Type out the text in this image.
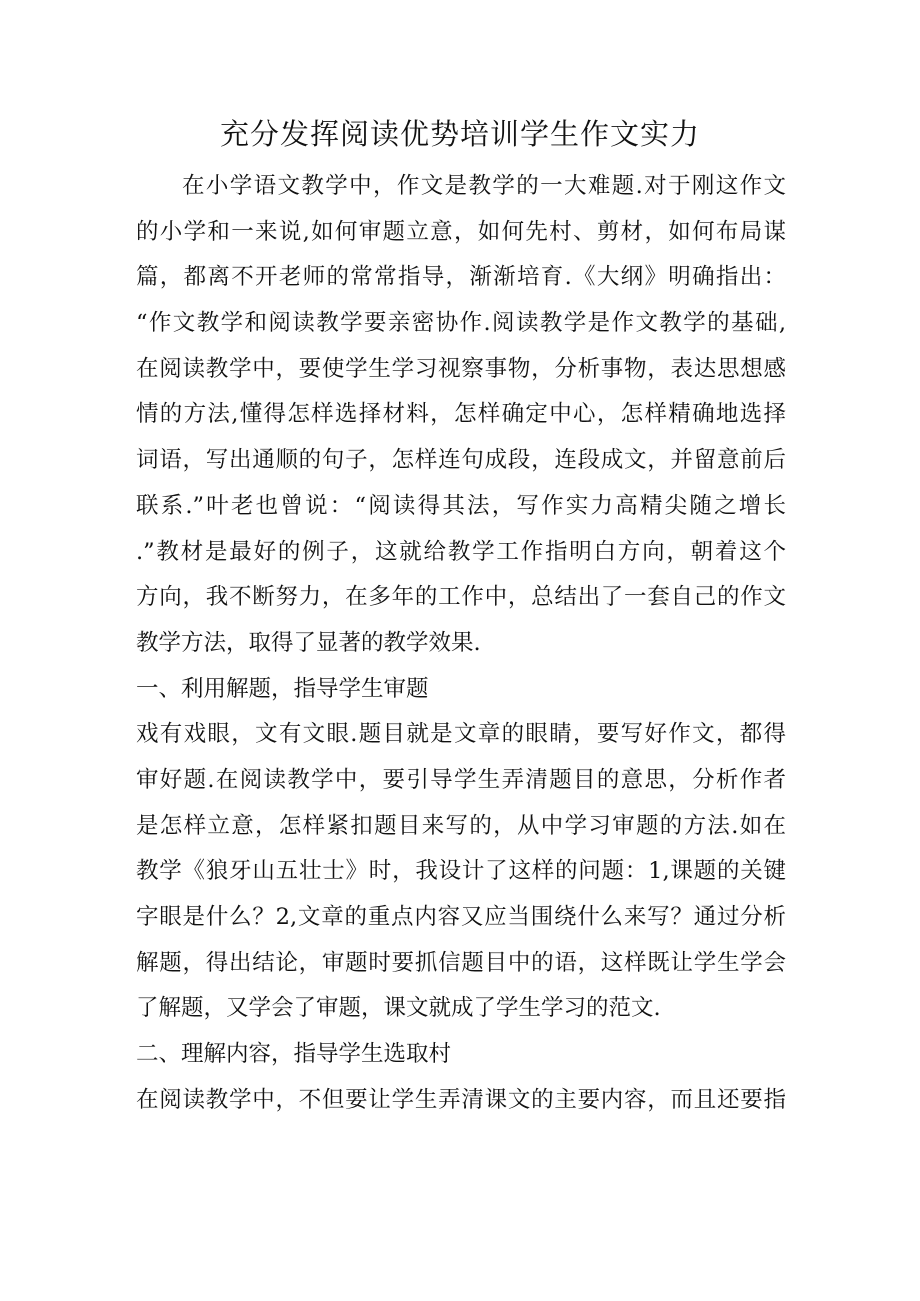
充分发挥阅读优势培训学生作文实力
在小学语文教学中，作文是教学的一大难题.对于刚这作文
的小学和一来说,如何审题立意，如何先村、剪材，如何布局谋
篇，都离不开老师的常常指导，渐渐培育.《大纲》明确指出：
“作文教学和阅读教学要亲密协作.阅读教学是作文教学的基础,
在阅读教学中，要使学生学习视察事物，分析事物，表达思想感
情的方法,懂得怎样选择材料，怎样确定中心，怎样精确地选择
词语，写出通顺的句子，怎样连句成段，连段成文，并留意前后
联系.”叶老也曾说：“阅读得其法，写作实力高精尖随之增长
.”教材是最好的例子，这就给教学工作指明白方向，朝着这个
方向，我不断努力，在多年的工作中，总结出了一套自己的作文
教学方法，取得了显著的教学效果.
一、利用解题，指导学生审题
戏有戏眼，文有文眼.题目就是文章的眼睛，要写好作文，都得
审好题.在阅读教学中，要引导学生弄清题目的意思，分析作者
是怎样立意，怎样紧扣题目来写的，从中学习审题的方法.如在
教学《狼牙山五壮士》时，我设计了这样的问题：1,课题的关键
字眼是什么？2,文章的重点内容又应当围绕什么来写？通过分析
解题，得出结论，审题时要抓信题目中的语，这样既让学生学会
了解题，又学会了审题，课文就成了学生学习的范文.
二、理解内容，指导学生选取村
在阅读教学中，不但要让学生弄清课文的主要内容，而且还要指
